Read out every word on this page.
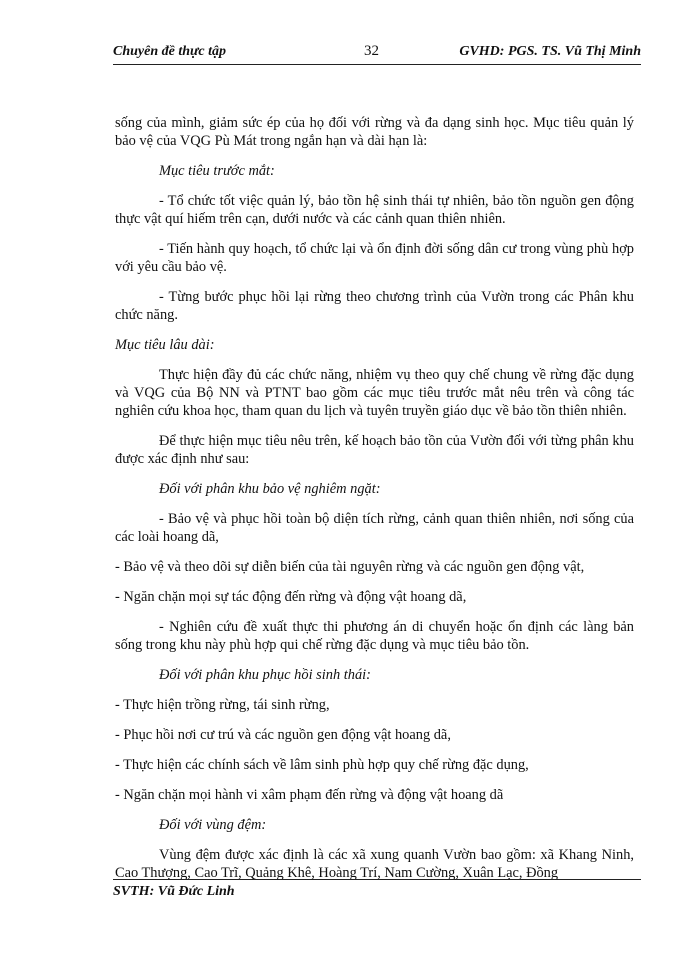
Chuyên đề thực tập	32	GVHD: PGS. TS. Vũ Thị Minh

sống của mình, giảm sức ép của họ đối với rừng và đa dạng sinh học. Mục tiêu quản lý bảo vệ của VQG Pù Mát trong ngắn hạn và dài hạn là:

Mục tiêu trước mắt:

- Tổ chức tốt việc quản lý, bảo tồn hệ sinh thái tự nhiên, bảo tồn nguồn gen động thực vật quí hiếm trên cạn, dưới nước và các cảnh quan thiên nhiên.

- Tiến hành quy hoạch, tổ chức lại và ổn định đời sống dân cư trong vùng phù hợp với yêu cầu bảo vệ.

- Từng bước phục hồi lại rừng theo chương trình của Vườn trong các Phân khu chức năng.

Mục tiêu lâu dài:

Thực hiện đầy đủ các chức năng, nhiệm vụ theo quy chế chung về rừng đặc dụng và VQG của Bộ NN và PTNT bao gồm các mục tiêu trước mắt nêu trên và công tác nghiên cứu khoa học, tham quan du lịch và tuyên truyền giáo dục về bảo tồn thiên nhiên.

Để thực hiện mục tiêu nêu trên, kế hoạch bảo tồn của Vườn đối với từng phân khu được xác định như sau:

Đối với phân khu bảo vệ nghiêm ngặt:

- Bảo vệ và phục hồi toàn bộ diện tích rừng, cảnh quan thiên nhiên, nơi sống của các loài hoang dã,

- Bảo vệ và theo dõi sự diễn biến của tài nguyên rừng và các nguồn gen động vật,

- Ngăn chặn mọi sự tác động đến rừng và động vật hoang dã,

- Nghiên cứu đề xuất thực thi phương án di chuyển hoặc ổn định các làng bản sống trong khu này phù hợp qui chế rừng đặc dụng và mục tiêu bảo tồn.

Đối với phân khu phục hồi sinh thái:

- Thực hiện trồng rừng, tái sinh rừng,

- Phục hồi nơi cư trú và các nguồn gen động vật hoang dã,

- Thực hiện các chính sách về lâm sinh phù hợp quy chế rừng đặc dụng,

- Ngăn chặn mọi hành vi xâm phạm đến rừng và động vật hoang dã

Đối với vùng đệm:

Vùng đệm được xác định là các xã xung quanh Vườn bao gồm: xã Khang Ninh, Cao Thượng, Cao Trĩ, Quảng Khê, Hoàng Trí, Nam Cường, Xuân Lạc, Đồng

SVTH: Vũ Đức Linh
